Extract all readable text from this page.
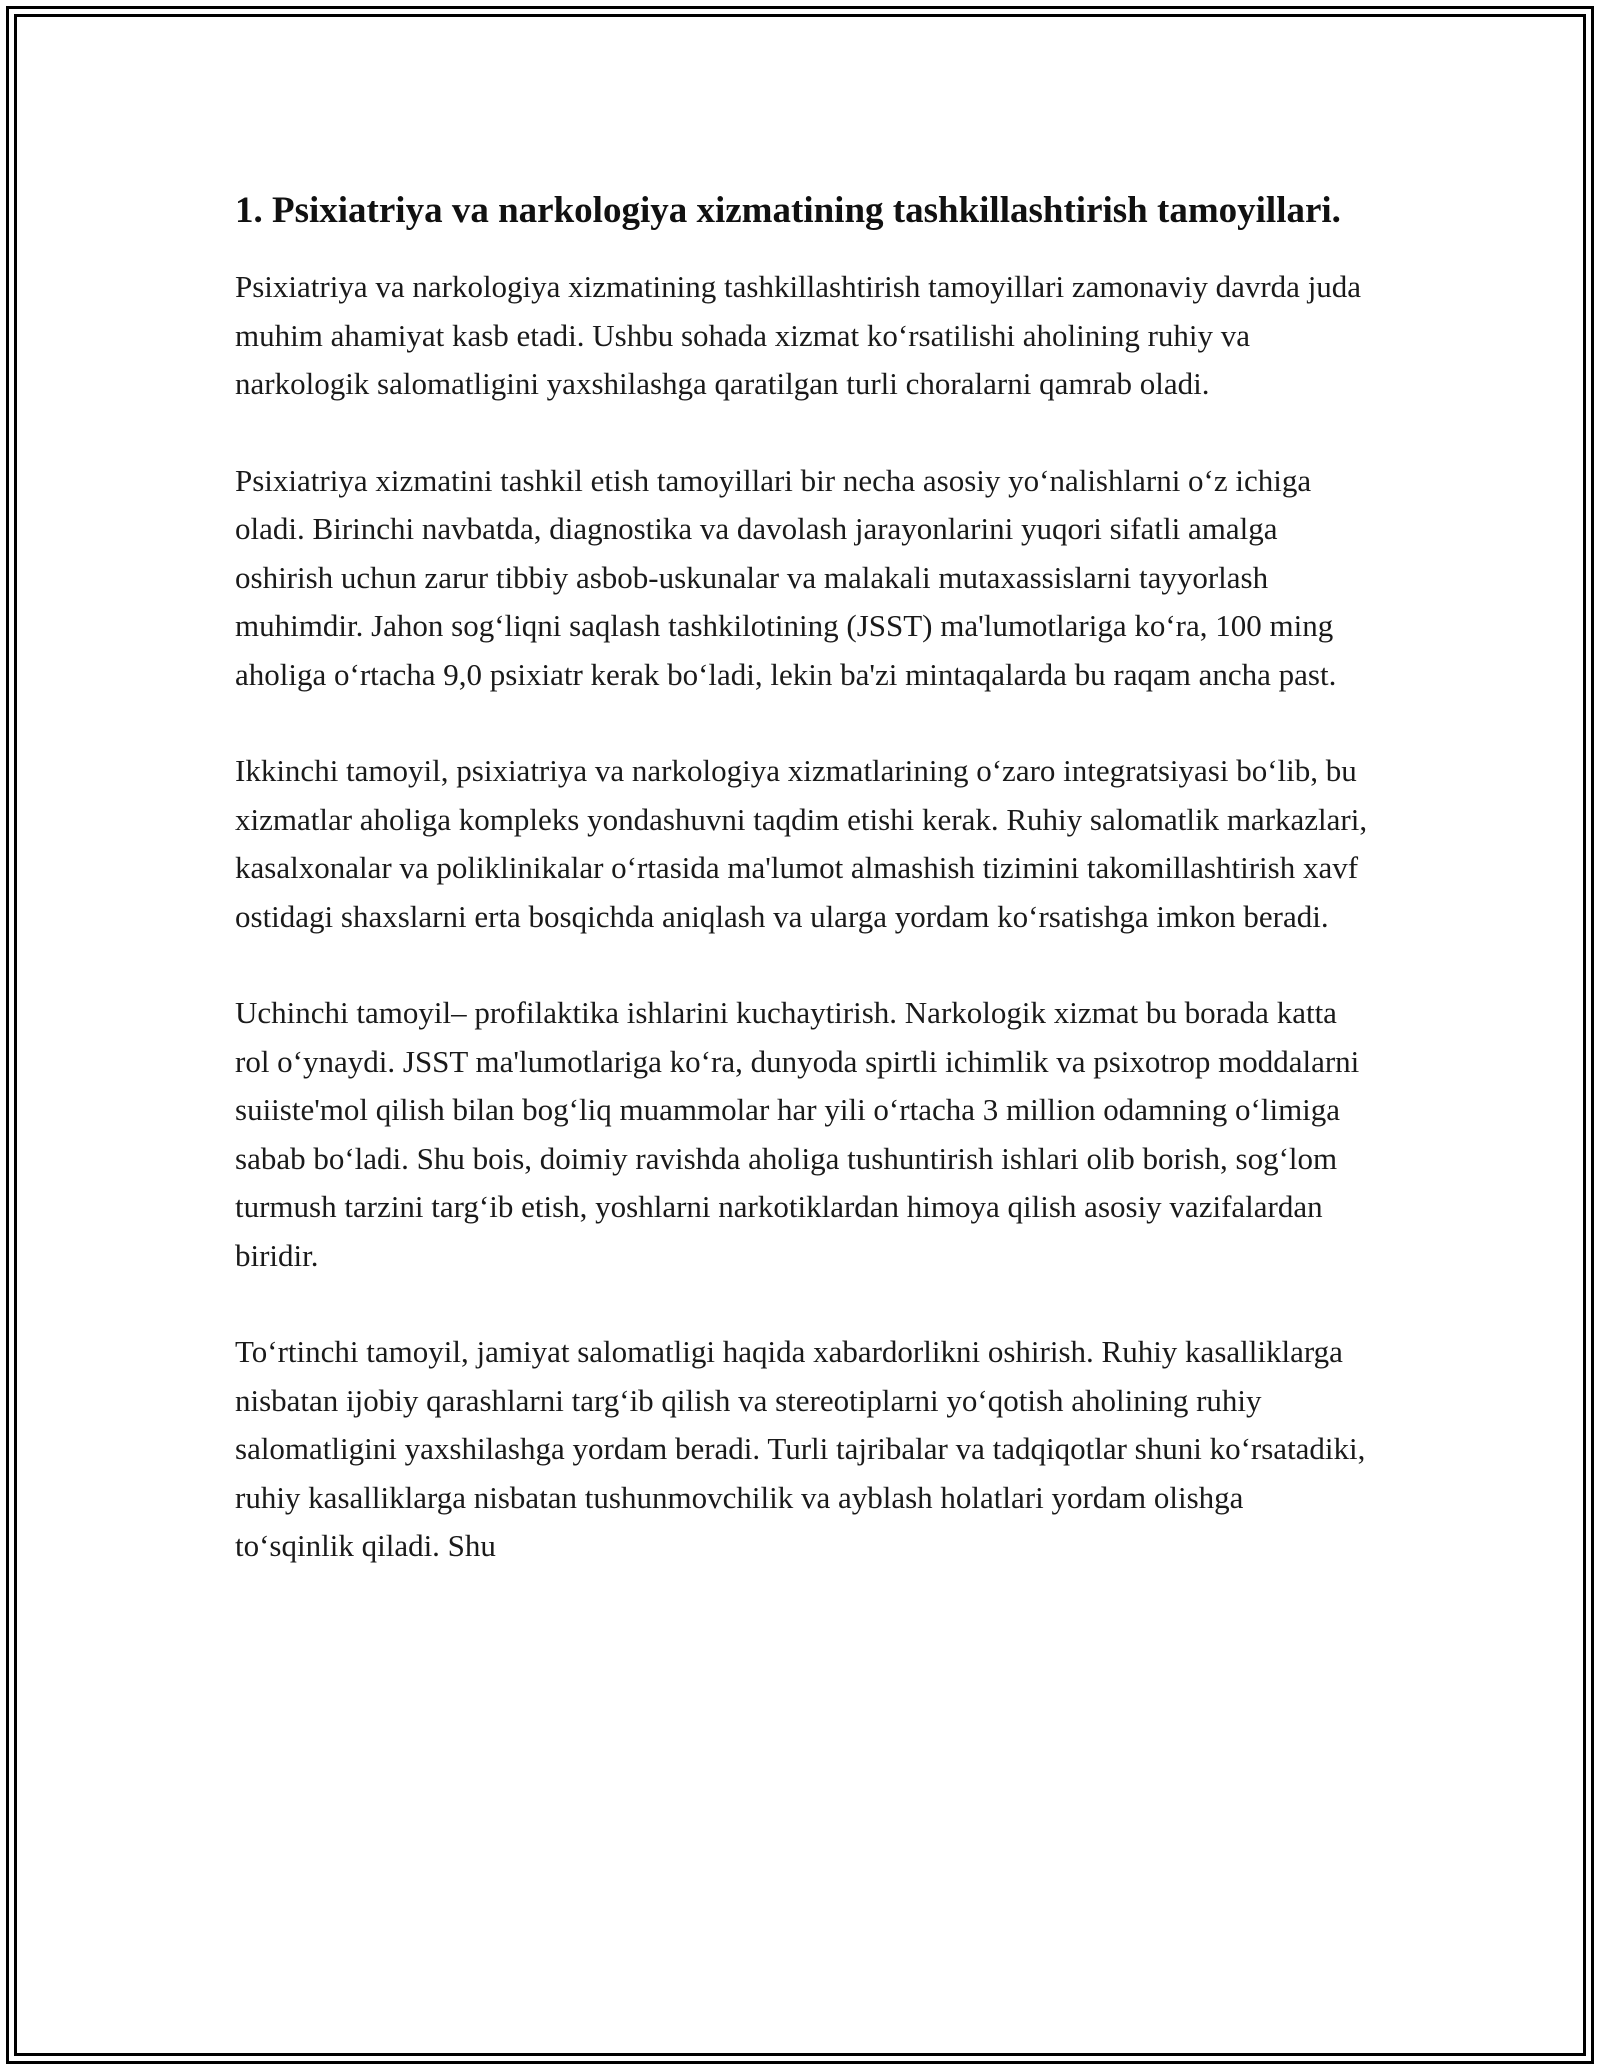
1. Psixiatriya va narkologiya xizmatining tashkillashtirish tamoyillari.

Psixiatriya va narkologiya xizmatining tashkillashtirish tamoyillari zamonaviy davrda juda muhim ahamiyat kasb etadi. Ushbu sohada xizmat koʻrsatilishi aholining ruhiy va narkologik salomatligini yaxshilashga qaratilgan turli choralarni qamrab oladi.

Psixiatriya xizmatini tashkil etish tamoyillari bir necha asosiy yoʻnalishlarni oʻz ichiga oladi. Birinchi navbatda, diagnostika va davolash jarayonlarini yuqori sifatli amalga oshirish uchun zarur tibbiy asbob-uskunalar va malakali mutaxassislarni tayyorlash muhimdir. Jahon sogʻliqni saqlash tashkilotining (JSST) ma'lumotlariga koʻra, 100 ming aholiga oʻrtacha 9,0 psixiatr kerak boʻladi, lekin ba'zi mintaqalarda bu raqam ancha past.

Ikkinchi tamoyil, psixiatriya va narkologiya xizmatlarining oʻzaro integratsiyasi boʻlib, bu xizmatlar aholiga kompleks yondashuvni taqdim etishi kerak. Ruhiy salomatlik markazlari, kasalxonalar va poliklinikalar oʻrtasida ma'lumot almashish tizimini takomillashtirish xavf ostidagi shaxslarni erta bosqichda aniqlash va ularga yordam koʻrsatishga imkon beradi.

Uchinchi tamoyil– profilaktika ishlarini kuchaytirish. Narkologik xizmat bu borada katta rol oʻynaydi. JSST ma'lumotlariga koʻra, dunyoda spirtli ichimlik va psixotrop moddalarni suiiste'mol qilish bilan bogʻliq muammolar har yili oʻrtacha 3 million odamning oʻlimiga sabab boʻladi. Shu bois, doimiy ravishda aholiga tushuntirish ishlari olib borish, sogʻlom turmush tarzini targʻib etish, yoshlarni narkotiklardan himoya qilish asosiy vazifalardan biridir.

Toʻrtinchi tamoyil, jamiyat salomatligi haqida xabardorlikni oshirish. Ruhiy kasalliklarga nisbatan ijobiy qarashlarni targʻib qilish va stereotiplarni yoʻqotish aholining ruhiy salomatligini yaxshilashga yordam beradi. Turli tajribalar va tadqiqotlar shuni koʻrsatadiki, ruhiy kasalliklarga nisbatan tushunmovchilik va ayblash holatlari yordam olishga toʻsqinlik qiladi. Shu
